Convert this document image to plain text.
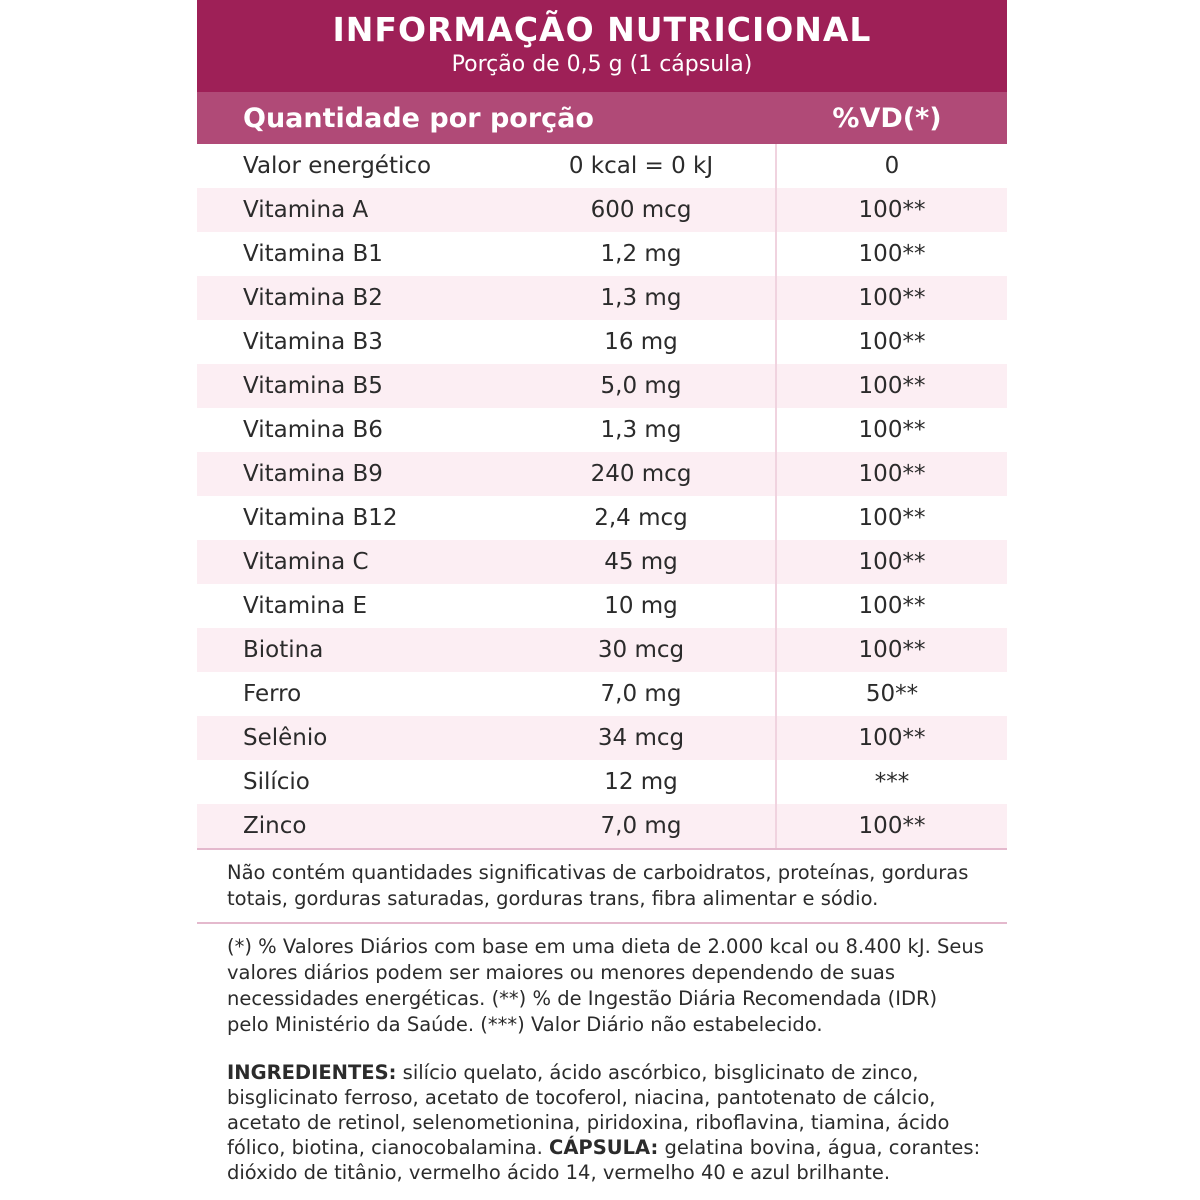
INFORMAÇÃO NUTRICIONAL
Porção de 0,5 g (1 cápsula)
Quantidade por porção	%VD(*)
Valor energético	0 kcal = 0 kJ	0
Vitamina A	600 mcg	100**
Vitamina B1	1,2 mg	100**
Vitamina B2	1,3 mg	100**
Vitamina B3	16 mg	100**
Vitamina B5	5,0 mg	100**
Vitamina B6	1,3 mg	100**
Vitamina B9	240 mcg	100**
Vitamina B12	2,4 mcg	100**
Vitamina C	45 mg	100**
Vitamina E	10 mg	100**
Biotina	30 mcg	100**
Ferro	7,0 mg	50**
Selênio	34 mcg	100**
Silício	12 mg	***
Zinco	7,0 mg	100**
Não contém quantidades significativas de carboidratos, proteínas, gorduras totais, gorduras saturadas, gorduras trans, fibra alimentar e sódio.
(*) % Valores Diários com base em uma dieta de 2.000 kcal ou 8.400 kJ. Seus valores diários podem ser maiores ou menores dependendo de suas necessidades energéticas. (**) % de Ingestão Diária Recomendada (IDR) pelo Ministério da Saúde. (***) Valor Diário não estabelecido.
INGREDIENTES: silício quelato, ácido ascórbico, bisglicinato de zinco, bisglicinato ferroso, acetato de tocoferol, niacina, pantotenato de cálcio, acetato de retinol, selenometionina, piridoxina, riboflavina, tiamina, ácido fólico, biotina, cianocobalamina. CÁPSULA: gelatina bovina, água, corantes: dióxido de titânio, vermelho ácido 14, vermelho 40 e azul brilhante.
